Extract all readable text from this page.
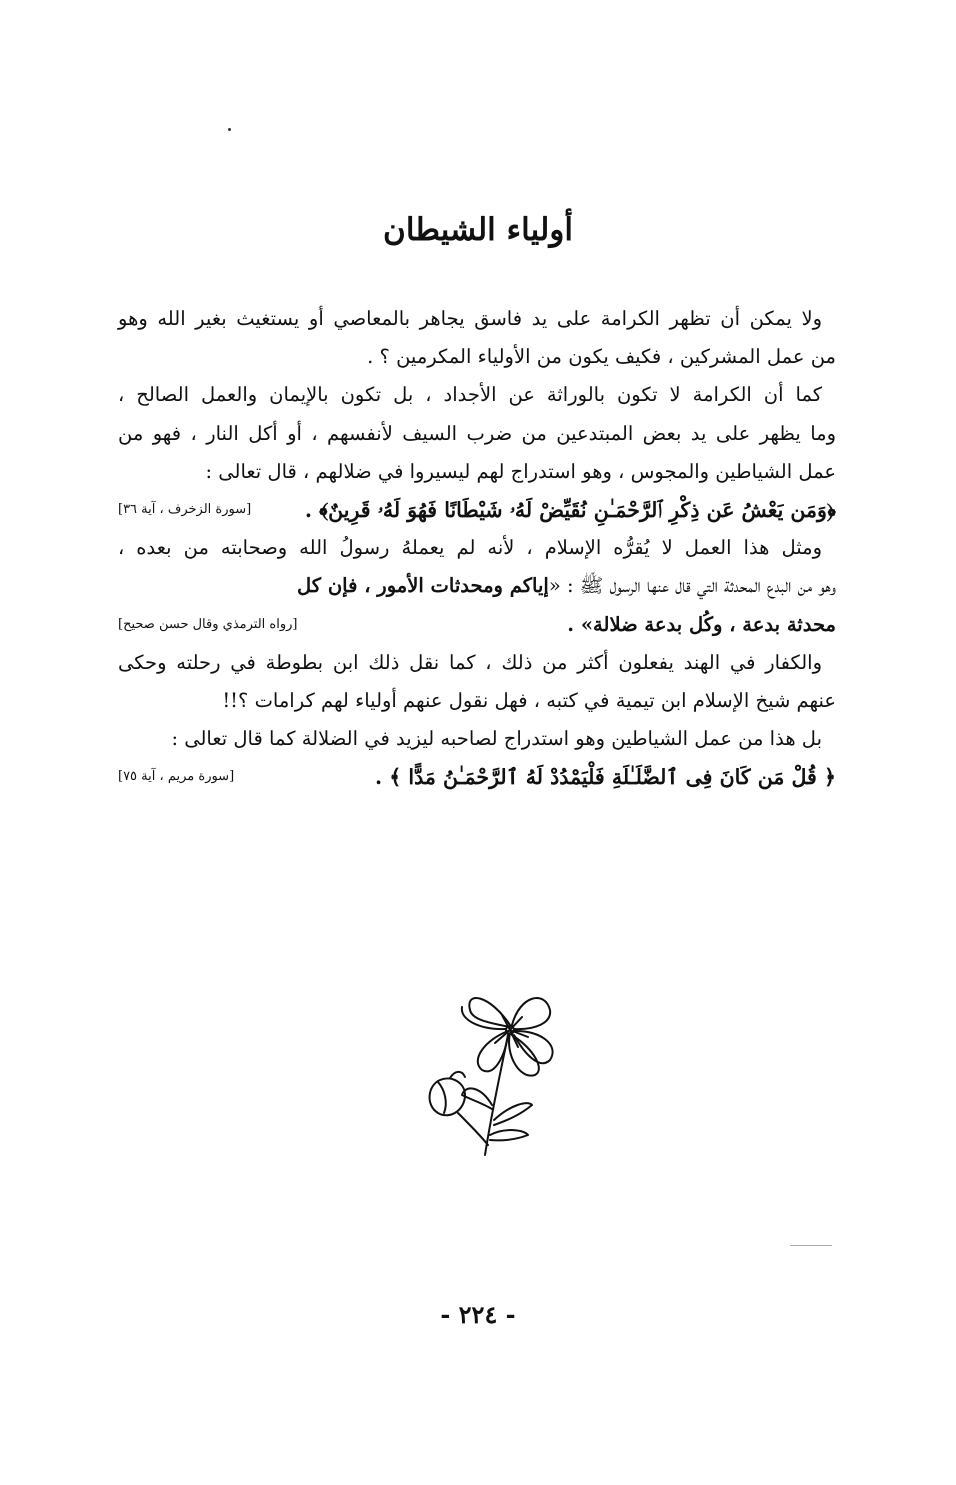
أولياء الشيطان
ولا يمكن أن تظهر الكرامة على يد فاسق يجاهر بالمعاصي أو يستغيث بغير الله وهو
من عمل المشركين ، فكيف يكون من الأولياء المكرمين ؟ .
كما أن الكرامة لا تكون بالوراثة عن الأجداد ، بل تكون بالإيمان والعمل الصالح ،
وما يظهر على يد بعض المبتدعين من ضرب السيف لأنفسهم ، أو أكل النار ، فهو من
عمل الشياطين والمجوس ، وهو استدراج لهم ليسيروا في ضلالهم ، قال تعالى :
﴿وَمَن يَعْشُ عَن ذِكْرِ ٱلرَّحْمَـٰنِ نُقَيِّضْ لَهُۥ شَيْطَانًا فَهُوَ لَهُۥ قَرِينٌ﴾ .
[سورة الزخرف ، آية ٣٦]
ومثل هذا العمل لا يُقرُّه الإسلام ، لأنه لم يعملهُ رسولُ الله وصحابته من بعده ،
وهو من البدع المحدثة التي قال عنها الرسول ﷺ : «إياكم ومحدثات الأمور ، فإن كل
محدثة بدعة ، وكُل بدعة ضلالة» .
[رواه الترمذي وقال حسن صحيح]
والكفار في الهند يفعلون أكثر من ذلك ، كما نقل ذلك ابن بطوطة في رحلته وحكى
عنهم شيخ الإسلام ابن تيمية في كتبه ، فهل نقول عنهم أولياء لهم كرامات ؟!!
بل هذا من عمل الشياطين وهو استدراج لصاحبه ليزيد في الضلالة كما قال تعالى :
﴿ قُلْ مَن كَانَ فِى ٱلضَّلَـٰلَةِ فَلْيَمْدُدْ لَهُ ٱلرَّحْمَـٰنُ مَدًّا ﴾ .
[سورة مريم ، آية ٧٥]
- ٢٢٤ -
